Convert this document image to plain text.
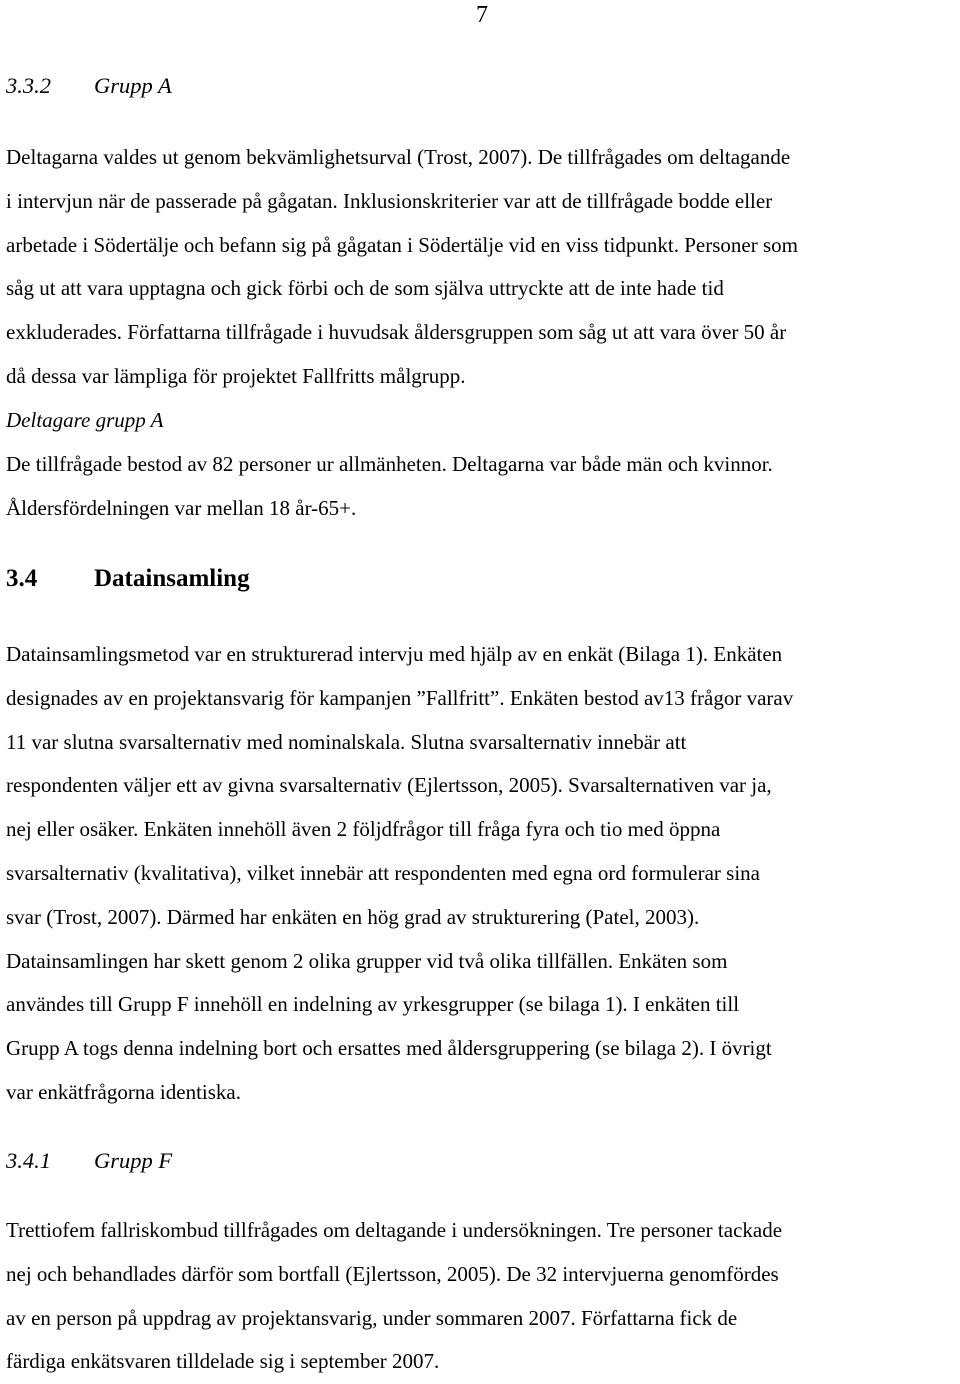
7
3.3.2 Grupp A
Deltagarna valdes ut genom bekvämlighetsurval (Trost, 2007). De tillfrågades om deltagande
i intervjun när de passerade på gågatan. Inklusionskriterier var att de tillfrågade bodde eller
arbetade i Södertälje och befann sig på gågatan i Södertälje vid en viss tidpunkt. Personer som
såg ut att vara upptagna och gick förbi och de som själva uttryckte att de inte hade tid
exkluderades. Författarna tillfrågade i huvudsak åldersgruppen som såg ut att vara över 50 år
då dessa var lämpliga för projektet Fallfritts målgrupp.
Deltagare grupp A
De tillfrågade bestod av 82 personer ur allmänheten. Deltagarna var både män och kvinnor.
Åldersfördelningen var mellan 18 år-65+.
3.4 Datainsamling
Datainsamlingsmetod var en strukturerad intervju med hjälp av en enkät (Bilaga 1). Enkäten
designades av en projektansvarig för kampanjen ”Fallfritt”. Enkäten bestod av13 frågor varav
11 var slutna svarsalternativ med nominalskala. Slutna svarsalternativ innebär att
respondenten väljer ett av givna svarsalternativ (Ejlertsson, 2005). Svarsalternativen var ja,
nej eller osäker. Enkäten innehöll även 2 följdfrågor till fråga fyra och tio med öppna
svarsalternativ (kvalitativa), vilket innebär att respondenten med egna ord formulerar sina
svar (Trost, 2007). Därmed har enkäten en hög grad av strukturering (Patel, 2003).
Datainsamlingen har skett genom 2 olika grupper vid två olika tillfällen. Enkäten som
användes till Grupp F innehöll en indelning av yrkesgrupper (se bilaga 1). I enkäten till
Grupp A togs denna indelning bort och ersattes med åldersgruppering (se bilaga 2). I övrigt
var enkätfrågorna identiska.
3.4.1 Grupp F
Trettiofem fallriskombud tillfrågades om deltagande i undersökningen. Tre personer tackade
nej och behandlades därför som bortfall (Ejlertsson, 2005). De 32 intervjuerna genomfördes
av en person på uppdrag av projektansvarig, under sommaren 2007. Författarna fick de
färdiga enkätsvaren tilldelade sig i september 2007.
